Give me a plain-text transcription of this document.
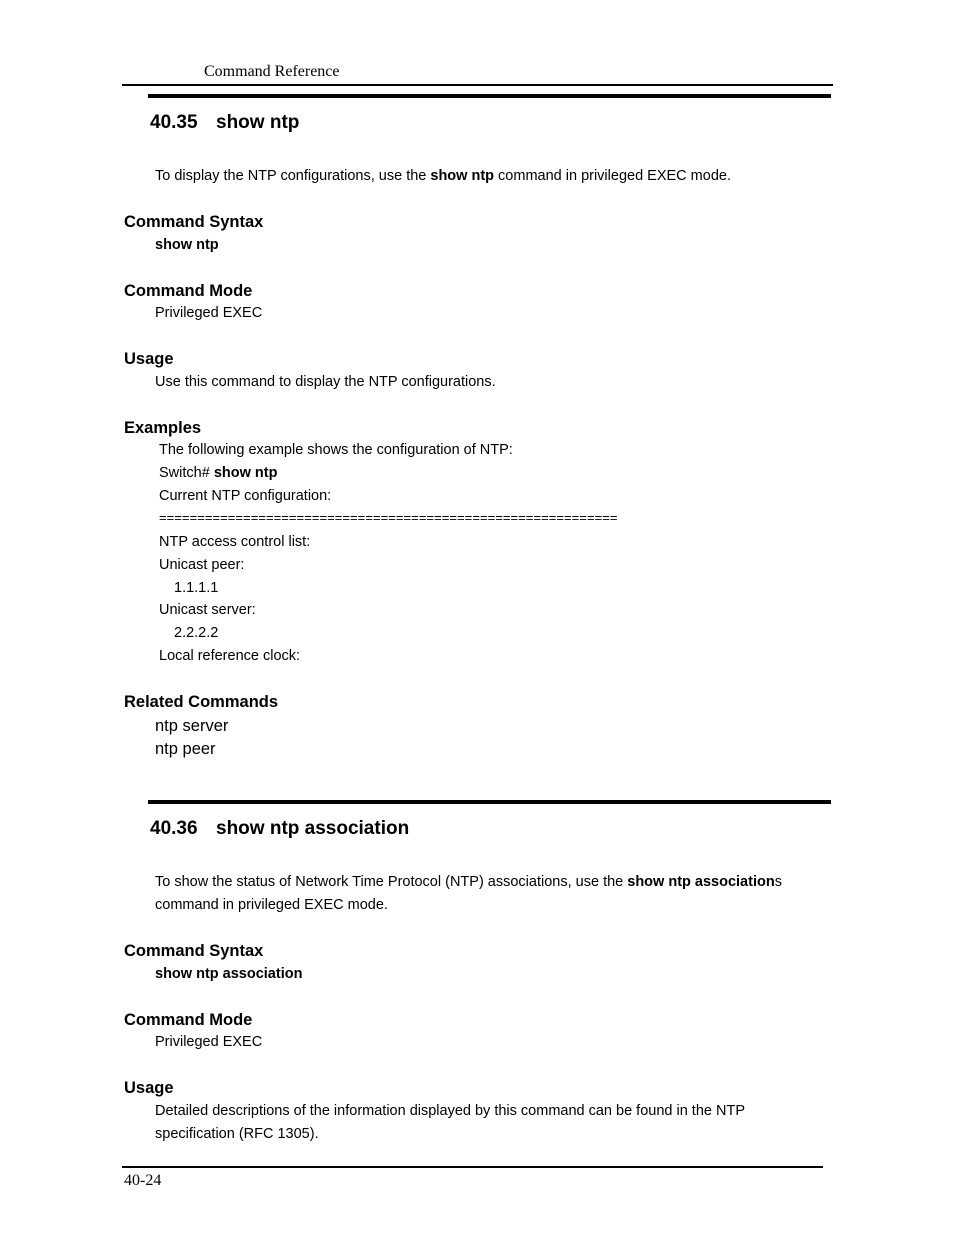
Command Reference
40.35 show ntp
To display the NTP configurations, use the show ntp command in privileged EXEC mode.
Command Syntax
show ntp
Command Mode
Privileged EXEC
Usage
Use this command to display the NTP configurations.
Examples
The following example shows the configuration of NTP:
Switch# show ntp
Current NTP configuration:
============================================================
NTP access control list:
Unicast peer:
1.1.1.1
Unicast server:
2.2.2.2
Local reference clock:
Related Commands
ntp server
ntp peer
40.36 show ntp association
To show the status of Network Time Protocol (NTP) associations, use the show ntp associations
command in privileged EXEC mode.
Command Syntax
show ntp association
Command Mode
Privileged EXEC
Usage
Detailed descriptions of the information displayed by this command can be found in the NTP
specification (RFC 1305).
40-24
